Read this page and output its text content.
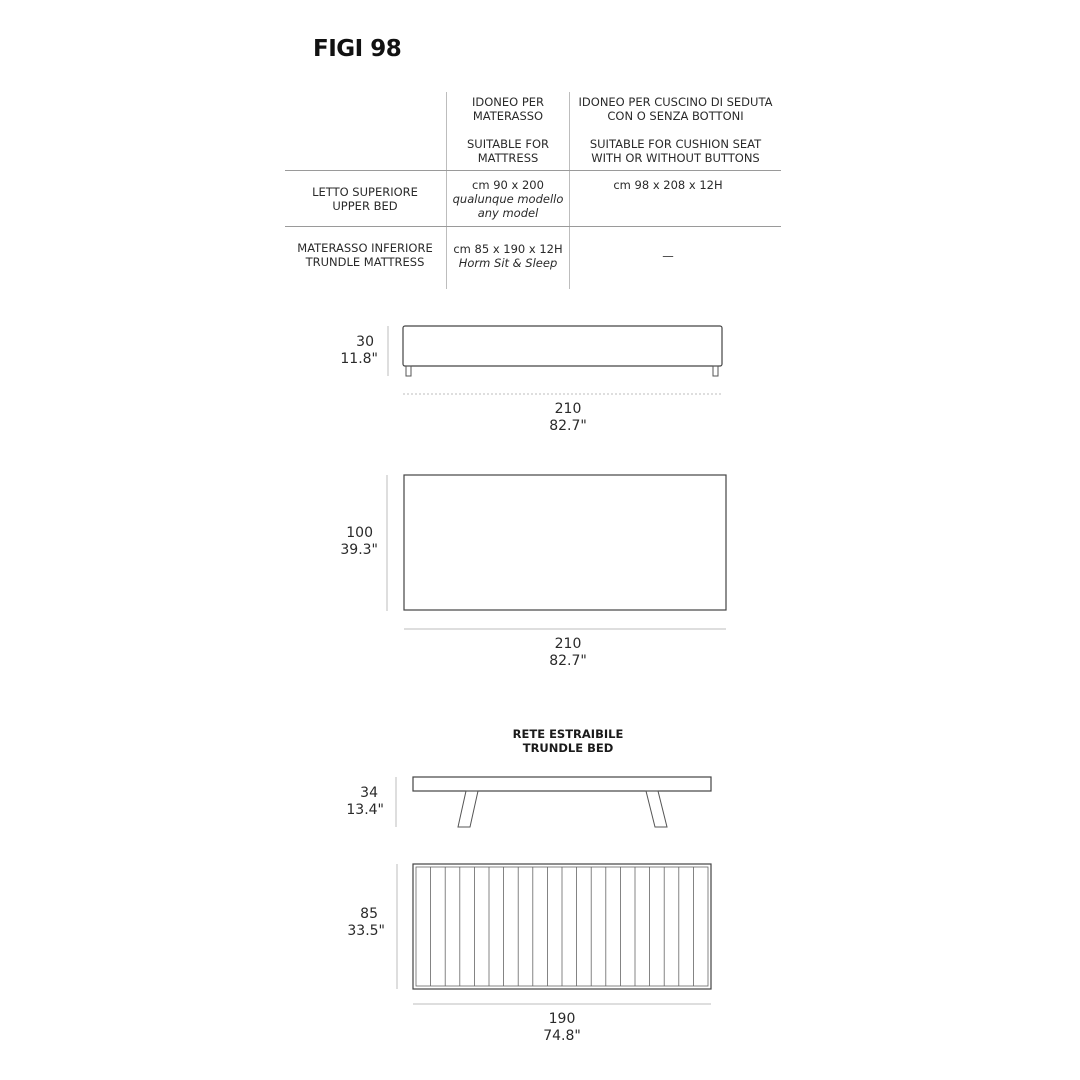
FIGI 98
IDONEO PER
MATERASSO
SUITABLE FOR
MATTRESS
IDONEO PER CUSCINO DI SEDUTA
CON O SENZA BOTTONI
SUITABLE FOR CUSHION SEAT
WITH OR WITHOUT BUTTONS
LETTO SUPERIORE
UPPER BED
cm 90 x 200
qualunque modello
any model
cm 98 x 208 x 12H
MATERASSO INFERIORE
TRUNDLE MATTRESS
cm 85 x 190 x 12H
Horm Sit & Sleep	—
30
11.8"
210
82.7"
100
39.3"
210
82.7"
RETE ESTRAIBILE
TRUNDLE BED
34
13.4"
85
33.5"
190
74.8"
